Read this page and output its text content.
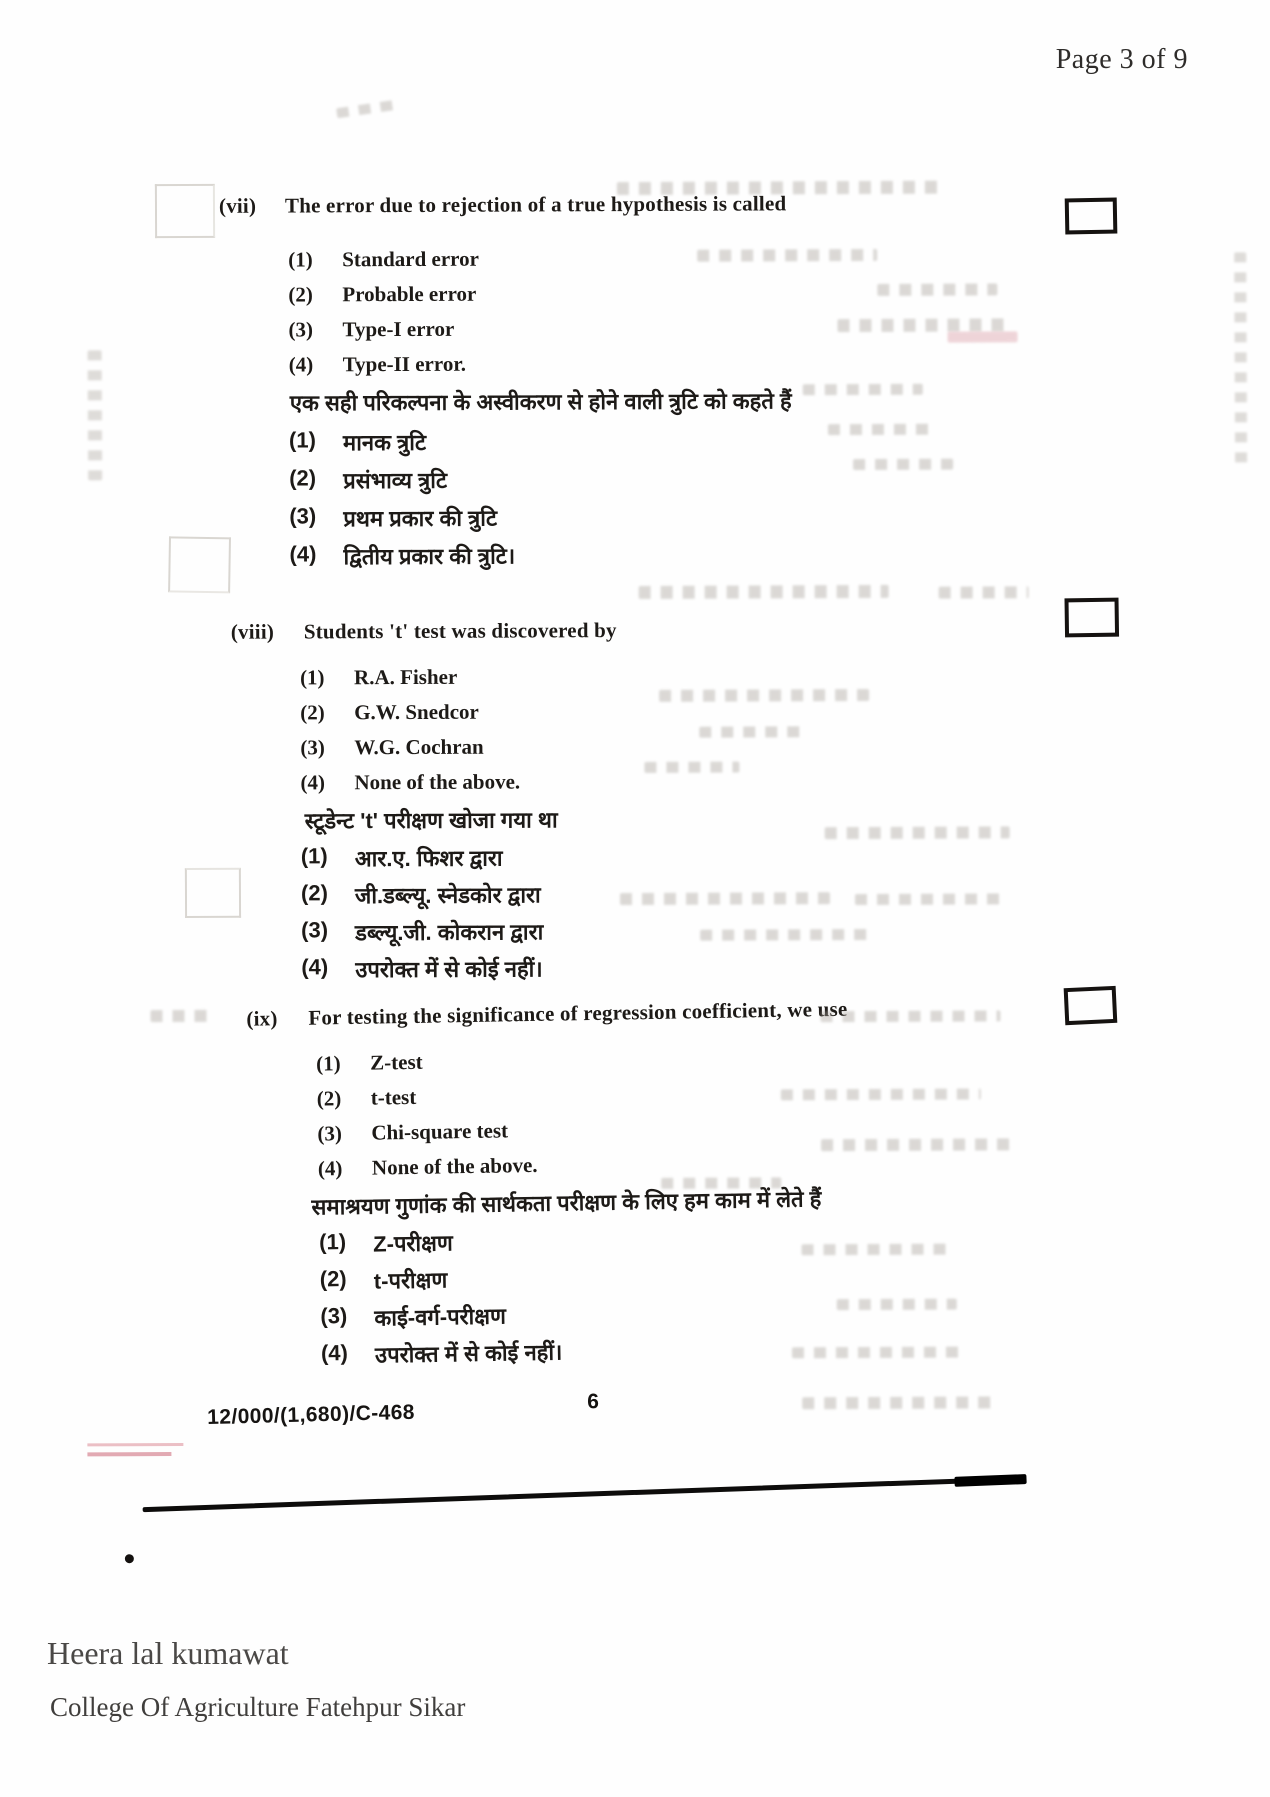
Page 3 of 9
(vii)	The error due to rejection of a true hypothesis is called
(1)	Standard error
(2)	Probable error
(3)	Type-I error
(4)	Type-II error.
एक सही परिकल्पना के अस्वीकरण से होने वाली त्रुटि को कहते हैं
(1)	मानक त्रुटि
(2)	प्रसंभाव्य त्रुटि
(3)	प्रथम प्रकार की त्रुटि
(4)	द्वितीय प्रकार की त्रुटि।
(viii)	Students 't' test was discovered by
(1)	R.A. Fisher
(2)	G.W. Snedcor
(3)	W.G. Cochran
(4)	None of the above.
स्टूडेन्ट 't' परीक्षण खोजा गया था
(1)	आर.ए. फिशर द्वारा
(2)	जी.डब्ल्यू. स्नेडकोर द्वारा
(3)	डब्ल्यू.जी. कोकरान द्वारा
(4)	उपरोक्त में से कोई नहीं।
(ix)	For testing the significance of regression coefficient, we use
(1)	Z-test
(2)	t-test
(3)	Chi-square test
(4)	None of the above.
समाश्रयण गुणांक की सार्थकता परीक्षण के लिए हम काम में लेते हैं
(1)	Z-परीक्षण
(2)	t-परीक्षण
(3)	काई-वर्ग-परीक्षण
(4)	उपरोक्त में से कोई नहीं।
12/000/(1,680)/C-468	6
Heera lal kumawat
College Of Agriculture Fatehpur Sikar
